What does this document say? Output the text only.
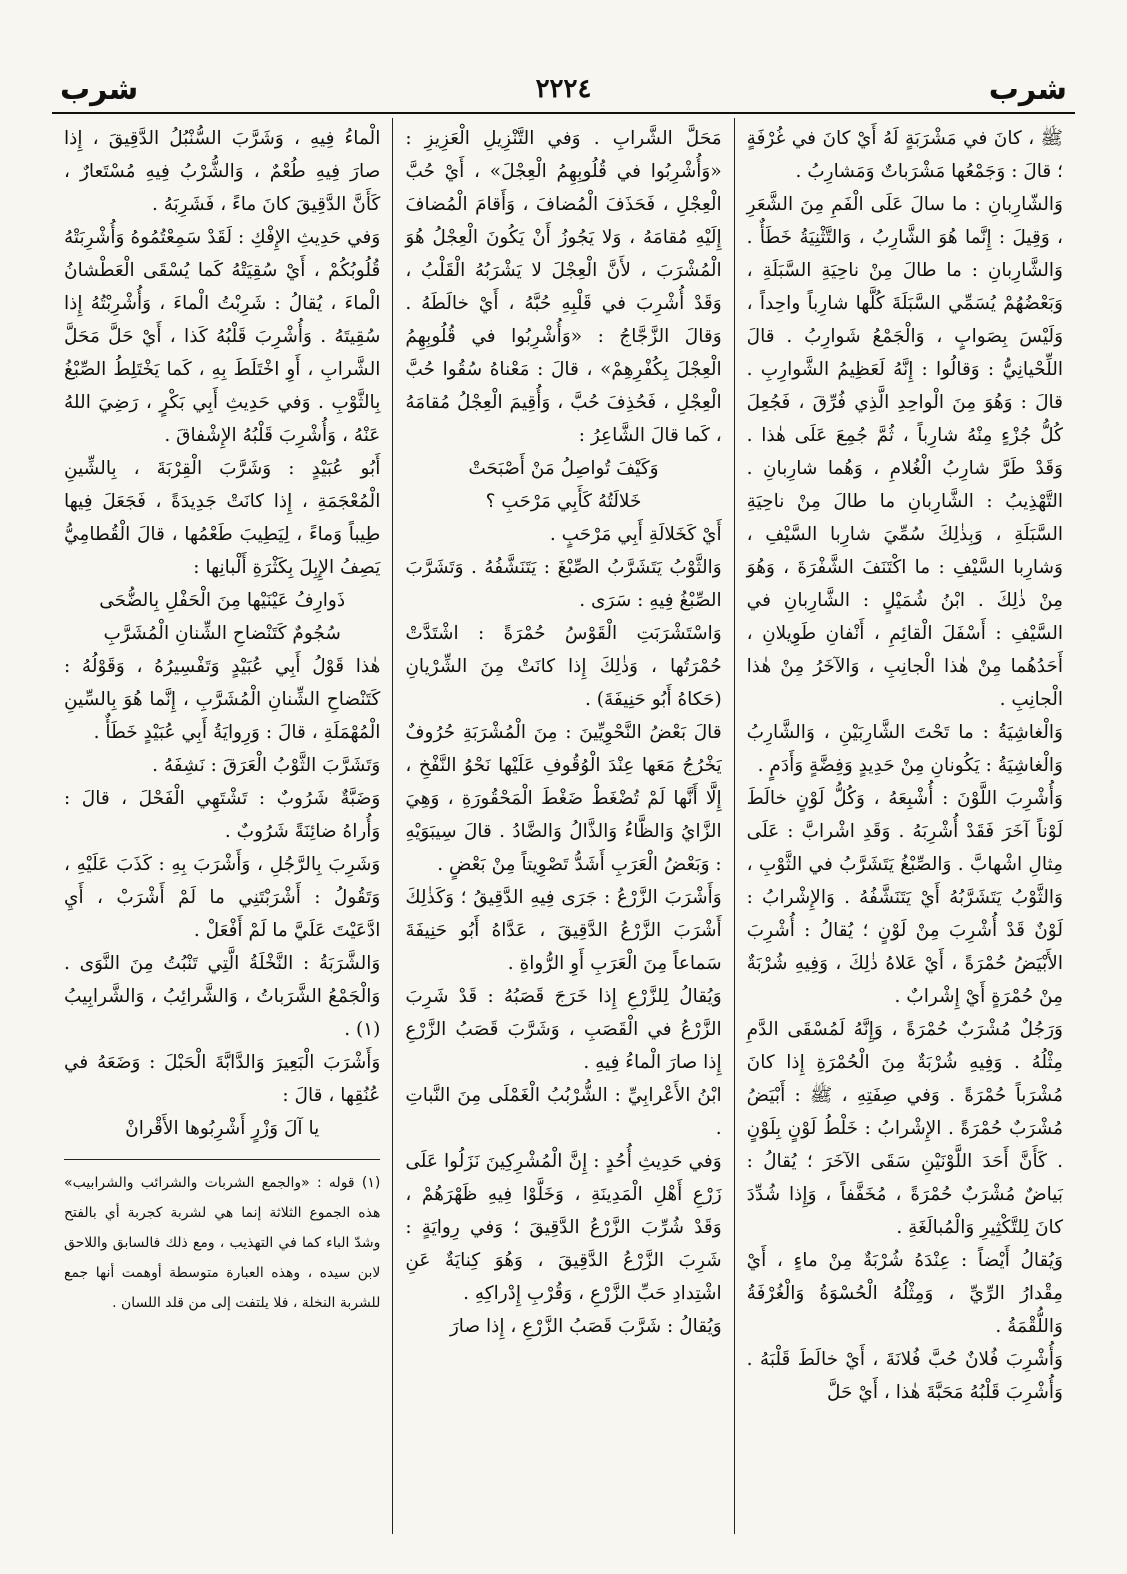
شرب
٢٢٢٤
شرب

ﷺ ، كانَ في مَشْرَبَةٍ لَهُ أَيْ كانَ في غُرْفَةٍ ؛ قالَ : وَجَمْعُها مَشْرَباتٌ وَمَشارِبُ .

وَالشّارِبانِ : ما سالَ عَلَى الْفَمِ مِنَ الشَّعَرِ ، وَقِيلَ : إِنَّما هُوَ الشَّارِبُ ، وَالتَّثْنِيَةُ خَطَأٌ . وَالشَّارِبانِ : ما طالَ مِنْ ناحِيَةِ السَّبَلَةِ ، وَبَعْضُهُمْ يُسَمِّي السَّبَلَةَ كُلَّها شارِباً واحِداً ، وَلَيْسَ بِصَوابٍ ، وَالْجَمْعُ شَوارِبُ . قالَ اللِّحْيانِيُّ : وَقالُوا : إِنَّهُ لَعَظِيمُ الشَّوارِبِ . قالَ : وَهُوَ مِنَ الْواحِدِ الَّذِي فُرِّقَ ، فَجُعِلَ كُلُّ جُزْءٍ مِنْهُ شارِباً ، ثُمَّ جُمِعَ عَلَى هٰذا . وَقَدْ طَرَّ شارِبُ الْغُلامِ ، وَهُما شارِبانِ . التَّهْذِيبُ : الشَّارِبانِ ما طالَ مِنْ ناحِيَةِ السَّبَلَةِ ، وَبِذٰلِكَ سُمِّيَ شارِبا السَّيْفِ ، وَشارِبا السَّيْفِ : ما اكْتَنَفَ الشَّفْرَةَ ، وَهُوَ مِنْ ذٰلِكَ . ابْنُ شُمَيْلٍ : الشَّارِبانِ في السَّيْفِ : أَسْفَلَ الْقائِمِ ، أَنْفانِ طَوِيلانِ ، أَحَدُهُما مِنْ هٰذا الْجانِبِ ، وَالآخَرُ مِنْ هٰذا الْجانِبِ .

وَالْغاشِيَةُ : ما تَحْتَ الشَّارِبَيْنِ ، وَالشَّارِبُ وَالْغاشِيَةُ : يَكُونانِ مِنْ حَدِيدٍ وَفِضَّةٍ وَأَدَمٍ .

وَأُشْرِبَ اللَّوْنَ : أُشْبِعَهُ ، وَكُلُّ لَوْنٍ خالَطَ لَوْناً آخَرَ فَقَدْ أُشْرِبَهُ . وَقَدِ اشْرابَّ : عَلَى مِثالِ اشْهابَّ . وَالصِّبْغُ يَتَشَرَّبُ في الثَّوْبِ ، وَالثَّوْبُ يَتَشَرَّبُهُ أَيْ يَتَنَشَّفُهُ . وَالإِشْرابُ : لَوْنٌ قَدْ أُشْرِبَ مِنْ لَوْنٍ ؛ يُقالُ : أُشْرِبَ الأَبْيَضُ حُمْرَةً ، أَيْ عَلاهُ ذٰلِكَ ، وَفِيهِ شُرْبَةٌ مِنْ حُمْرَةٍ أَيْ إِشْرابٌ .

وَرَجُلٌ مُشْرَبٌ حُمْرَةً ، وَإِنَّهُ لَمُسْقَى الدَّمِ مِثْلُهُ . وَفِيهِ شُرْبَةٌ مِنَ الْحُمْرَةِ إِذا كانَ مُشْرَباً حُمْرَةً . وَفي صِفَتِهِ ، ﷺ : أَبْيَضُ مُشْرَبٌ حُمْرَةً . الإِشْرابُ : خَلْطُ لَوْنٍ بِلَوْنٍ . كَأَنَّ أَحَدَ اللَّوْنَيْنِ سَقَى الآخَرَ ؛ يُقالُ : بَياضٌ مُشْرَبٌ حُمْرَةً ، مُخَفَّفاً ، وَإِذا شُدِّدَ كانَ لِلتَّكْثِيرِ وَالْمُبالَغَةِ .

وَيُقالُ أَيْضاً : عِنْدَهُ شُرْبَةٌ مِنْ ماءٍ ، أَيْ مِقْدارُ الرِّيِّ ، وَمِثْلُهُ الْحُسْوَةُ وَالْغُرْفَةُ وَاللُّقْمَةُ .

وَأُشْرِبَ فُلانٌ حُبَّ فُلانَةَ ، أَيْ خالَطَ قَلْبَهُ . وَأُشْرِبَ قَلْبُهُ مَحَبَّةَ هٰذا ، أَيْ حَلَّ

مَحَلَّ الشَّرابِ . وَفي التَّنْزِيلِ الْعَزِيزِ : «وَأُشْرِبُوا في قُلُوبِهِمُ الْعِجْلَ» ، أَيْ حُبَّ الْعِجْلِ ، فَحَذَفَ الْمُضافَ ، وَأَقامَ الْمُضافَ إِلَيْهِ مُقامَهُ ، وَلا يَجُوزُ أَنْ يَكُونَ الْعِجْلُ هُوَ الْمُشْرَبَ ، لأَنَّ الْعِجْلَ لا يَشْرَبُهُ الْقَلْبُ ، وَقَدْ أُشْرِبَ في قَلْبِهِ حُبَّهُ ، أَيْ خالَطَهُ . وَقالَ الزَّجَّاجُ : «وَأُشْرِبُوا في قُلُوبِهِمُ الْعِجْلَ بِكُفْرِهِمْ» ، قالَ : مَعْناهُ سُقُوا حُبَّ الْعِجْلِ ، فَحُذِفَ حُبَّ ، وَأُقِيمَ الْعِجْلُ مُقامَهُ ، كَما قالَ الشَّاعِرُ :

وَكَيْفَ تُواصِلُ مَنْ أَصْبَحَتْ

خَلالَتُهُ كَأَبِي مَرْحَبِ ؟

أَيْ كَخَلالَةِ أَبِي مَرْحَبٍ .

وَالثَّوْبُ يَتَشَرَّبُ الصِّبْغَ : يَتَنَشَّفُهُ . وَتَشَرَّبَ الصِّبْغُ فِيهِ : سَرَى .

وَاسْتَشْرَبَتِ الْقَوْسُ حُمْرَةً : اشْتَدَّتْ حُمْرَتُها ، وَذٰلِكَ إِذا كانَتْ مِنَ الشِّرْيانِ (حَكاهُ أَبُو حَنِيفَةَ) .

قالَ بَعْضُ النَّحْوِيِّينَ : مِنَ الْمُشْرَبَةِ حُرُوفٌ يَخْرُجُ مَعَها عِنْدَ الْوُقُوفِ عَلَيْها نَحْوُ النَّفْخِ ، إِلَّا أَنَّها لَمْ تُضْغَطْ ضَغْطَ الْمَحْقُورَةِ ، وَهِيَ الزَّايُ وَالظَّاءُ وَالذَّالُ وَالضَّادُ . قالَ سِيبَوَيْهِ : وَبَعْضُ الْعَرَبِ أَشَدُّ تَصْوِيتاً مِنْ بَعْضٍ .

وَأَشْرَبَ الزَّرْعُ : جَرَى فِيهِ الدَّقِيقُ ؛ وَكَذٰلِكَ أَشْرَبَ الزَّرْعُ الدَّقِيقَ ، عَدَّاهُ أَبُو حَنِيفَةَ سَماعاً مِنَ الْعَرَبِ أَوِ الرُّواةِ .

وَيُقالُ لِلزَّرْعِ إِذا خَرَجَ قَصَبُهُ : قَدْ شَرِبَ الزَّرْعُ في الْقَصَبِ ، وَشَرَّبَ قَصَبُ الزَّرْعِ إِذا صارَ الْماءُ فِيهِ .

ابْنُ الأَعْرابِيِّ : الشُّرْبُبُ الْغَمْلَى مِنَ النَّباتِ .

وَفي حَدِيثِ أُحُدٍ : إِنَّ الْمُشْرِكِينَ نَزَلُوا عَلَى زَرْعِ أَهْلِ الْمَدِينَةِ ، وَخَلَّوْا فِيهِ ظَهْرَهُمْ ، وَقَدْ شُرِّبَ الزَّرْعُ الدَّقِيقَ ؛ وَفي رِوايَةٍ : شَرِبَ الزَّرْعُ الدَّقِيقَ ، وَهُوَ كِنايَةٌ عَنِ اشْتِدادِ حَبِّ الزَّرْعِ ، وَقُرْبِ إِدْراكِهِ .

وَيُقالُ : شَرَّبَ قَصَبُ الزَّرْعِ ، إِذا صارَ

الْماءُ فِيهِ ، وَشَرَّبَ السُّنْبُلُ الدَّقِيقَ ، إِذا صارَ فِيهِ طُعْمٌ ، وَالشُّرْبُ فِيهِ مُسْتَعارٌ ، كَأَنَّ الدَّقِيقَ كانَ ماءً ، فَشَرِبَهُ .

وَفي حَدِيثِ الإِفْكِ : لَقَدْ سَمِعْتُمُوهُ وَأُشْرِبَتْهُ قُلُوبُكُمْ ، أَيْ سُقِيَتْهُ كَما يُسْقَى الْعَطْشانُ الْماءَ ، يُقالُ : شَرِبْتُ الْماءَ ، وَأُشْرِبْتُهُ إِذا سُقِيتَهُ . وَأُشْرِبَ قَلْبُهُ كَذا ، أَيْ حَلَّ مَحَلَّ الشَّرابِ ، أَوِ اخْتَلَطَ بِهِ ، كَما يَخْتَلِطُ الصِّبْغُ بِالثَّوْبِ . وَفي حَدِيثِ أَبِي بَكْرٍ ، رَضِيَ اللهُ عَنْهُ ، وَأُشْرِبَ قَلْبُهُ الإِشْفاقَ .

أَبُو عُبَيْدٍ : وَشَرَّبَ الْقِرْبَةَ ، بِالشِّينِ الْمُعْجَمَةِ ، إِذا كانَتْ جَدِيدَةً ، فَجَعَلَ فِيها طِيباً وَماءً ، لِيَطِيبَ طَعْمُها ، قالَ الْقُطامِيُّ يَصِفُ الإِبِلَ بِكَثْرَةِ أَلْبانِها :

ذَوارِفُ عَيْنَيْها مِنَ الْحَفْلِ بِالضُّحَى

سُجُومٌ كَتَنْضاحِ الشِّنانِ الْمُشَرَّبِ

هٰذا قَوْلُ أَبِي عُبَيْدٍ وَتَفْسِيرُهُ ، وَقَوْلُهُ : كَتَنْضاحِ الشِّنانِ الْمُشَرَّبِ ، إِنَّما هُوَ بِالسِّينِ الْمُهْمَلَةِ ، قالَ : وَرِوايَةُ أَبِي عُبَيْدٍ خَطَأٌ .

وَتَشَرَّبَ الثَّوْبُ الْعَرَقَ : نَشِفَهُ .

وَضَبَّةٌ شَرُوبٌ : تَشْتَهِي الْفَحْلَ ، قالَ : وَأُراهُ ضائِنَةً شَرُوبٌ .

وَشَرِبَ بِالرَّجُلِ ، وَأَشْرَبَ بِهِ : كَذَبَ عَلَيْهِ ، وَتَقُولُ : أَشْرَبْتَنِي ما لَمْ أَشْرَبْ ، أَيِ ادَّعَيْتَ عَلَيَّ ما لَمْ أَفْعَلْ .

وَالشَّرَبَةُ : النَّخْلَةُ الَّتِي تَنْبُتُ مِنَ النَّوَى . وَالْجَمْعُ الشَّرَباتُ ، وَالشَّرائِبُ ، وَالشَّرابِيبُ (١) .

وَأَشْرَبَ الْبَعِيرَ وَالدَّابَّةَ الْحَبْلَ : وَضَعَهُ في عُنُقِها ، قالَ :

يا آلَ وَزْرٍ أَشْرِبُوها الأَقْرانْ

(١) قوله : «والجمع الشربات والشرائب والشرابيب» هذه الجموع الثلاثة إنما هي لشربة كجربة أي بالفتح وشدّ الباء كما في التهذيب ، ومع ذلك فالسابق واللاحق لابن سيده ، وهذه العبارة متوسطة أوهمت أنها جمع للشربة النخلة ، فلا يلتفت إلى من قلد اللسان .
